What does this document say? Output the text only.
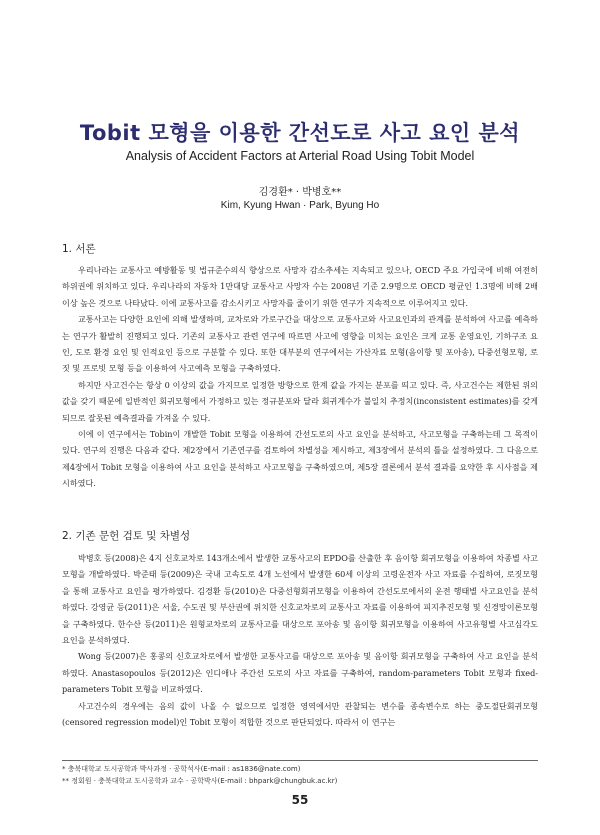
Tobit 모형을 이용한 간선도로 사고 요인 분석
Analysis of Accident Factors at Arterial Road Using Tobit Model
김경환* · 박병호**
Kim, Kyung Hwan · Park, Byung Ho
1. 서론

우리나라는 교통사고 예방활동 및 법규준수의식 향상으로 사망자 감소추세는 지속되고 있으나, OECD 주요 가입국에 비해 여전히 하위권에 위치하고 있다. 우리나라의 자동차 1만대당 교통사고 사망자 수는 2008년 기준 2.9명으로 OECD 평균인 1.3명에 비해 2배 이상 높은 것으로 나타났다. 이에 교통사고를 감소시키고 사망자를 줄이기 위한 연구가 지속적으로 이루어지고 있다.

교통사고는 다양한 요인에 의해 발생하며, 교차로와 가로구간을 대상으로 교통사고와 사고요인과의 관계를 분석하여 사고를 예측하는 연구가 활발히 진행되고 있다. 기존의 교통사고 관련 연구에 따르면 사고에 영향을 미치는 요인은 크게 교통 운영요인, 기하구조 요인, 도로 환경 요인 및 인적요인 등으로 구분할 수 있다. 또한 대부분의 연구에서는 가산자료 모형(음이항 및 포아송), 다중선형모형, 로짓 및 프로빗 모형 등을 이용하여 사고예측 모형을 구축하였다.

하지만 사고건수는 항상 0 이상의 값을 가지므로 일정한 방향으로 한계 값을 가지는 분포를 띄고 있다. 즉, 사고건수는 제한된 위의 값을 갖기 때문에 일반적인 회귀모형에서 가정하고 있는 정규분포와 달라 회귀계수가 불일치 추정치(inconsistent estimates)를 갖게 되므로 잘못된 예측결과를 가져올 수 있다.

이에 이 연구에서는 Tobin이 개발한 Tobit 모형을 이용하여 간선도로의 사고 요인을 분석하고, 사고모형을 구축하는데 그 목적이 있다. 연구의 진행은 다음과 같다. 제2장에서 기존연구를 검토하여 차별성을 제시하고, 제3장에서 분석의 틀을 설정하였다. 그 다음으로 제4장에서 Tobit 모형을 이용하여 사고 요인을 분석하고 사고모형을 구축하였으며, 제5장 결론에서 분석 결과를 요약한 후 시사점을 제시하였다.

2. 기존 문헌 검토 및 차별성

박병호 등(2008)은 4지 신호교차로 143개소에서 발생한 교통사고의 EPDO를 산출한 후 음이항 회귀모형을 이용하여 차종별 사고모형을 개발하였다. 박준태 등(2009)은 국내 고속도로 4개 노선에서 발생한 60세 이상의 고령운전자 사고 자료를 수집하여, 로짓모형을 통해 교통사고 요인을 평가하였다. 김경환 등(2010)은 다중선형회귀모형을 이용하여 간선도로에서의 운전 행태별 사고요인을 분석하였다. 강영균 등(2011)은 서울, 수도권 및 부산권에 위치한 신호교차로의 교통사고 자료를 이용하여 피지추진모형 및 신경망이론모형을 구축하였다. 한수산 등(2011)은 원형교차로의 교통사고를 대상으로 포아송 및 음이항 회귀모형을 이용하여 사고유형별 사고심각도 요인을 분석하였다.

Wong 등(2007)은 홍콩의 신호교차로에서 발생한 교통사고를 대상으로 포아송 및 음이항 회귀모형을 구축하여 사고 요인을 분석하였다. Anastasopoulos 등(2012)은 인디애나 주간선 도로의 사고 자료를 구축하여, random-parameters Tobit 모형과 fixed-parameters Tobit 모형을 비교하였다.

사고건수의 경우에는 음의 값이 나올 수 없으므로 일정한 영역에서만 관찰되는 변수를 종속변수로 하는 중도절단회귀모형(censored regression model)인 Tobit 모형이 적합한 것으로 판단되었다. 따라서 이 연구는

* 충북대학교 도시공학과 박사과정 · 공학석사(E-mail : as1836@nate.com)
** 정회원 · 충북대학교 도시공학과 교수 · 공학박사(E-mail : bhpark@chungbuk.ac.kr)
55
